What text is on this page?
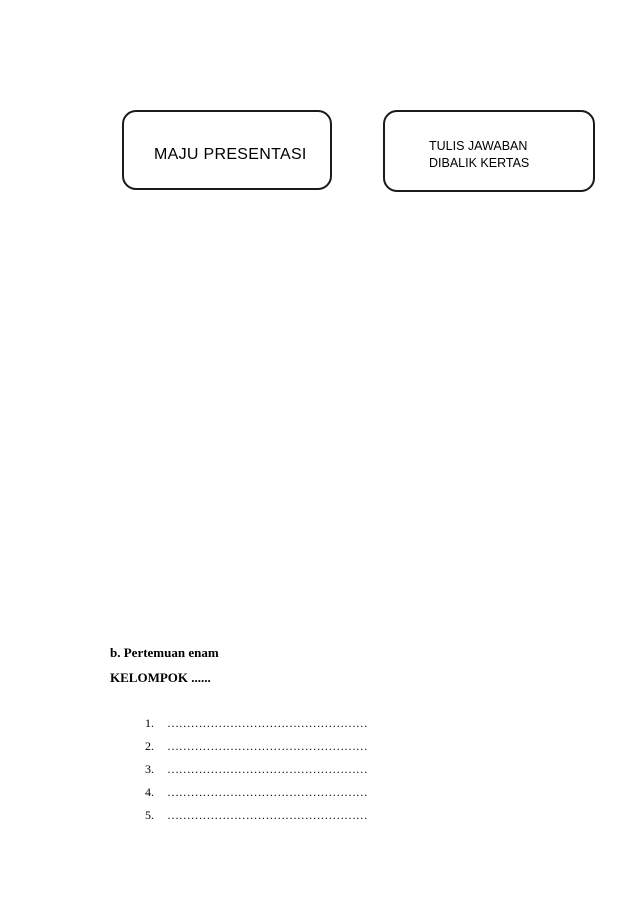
MAJU PRESENTASI	TULIS JAWABAN
DIBALIK KERTAS
b. Pertemuan enam
KELOMPOK ......
1.	……………………………………………
2.	……………………………………………
3.	……………………………………………
4.	……………………………………………
5.	……………………………………………
